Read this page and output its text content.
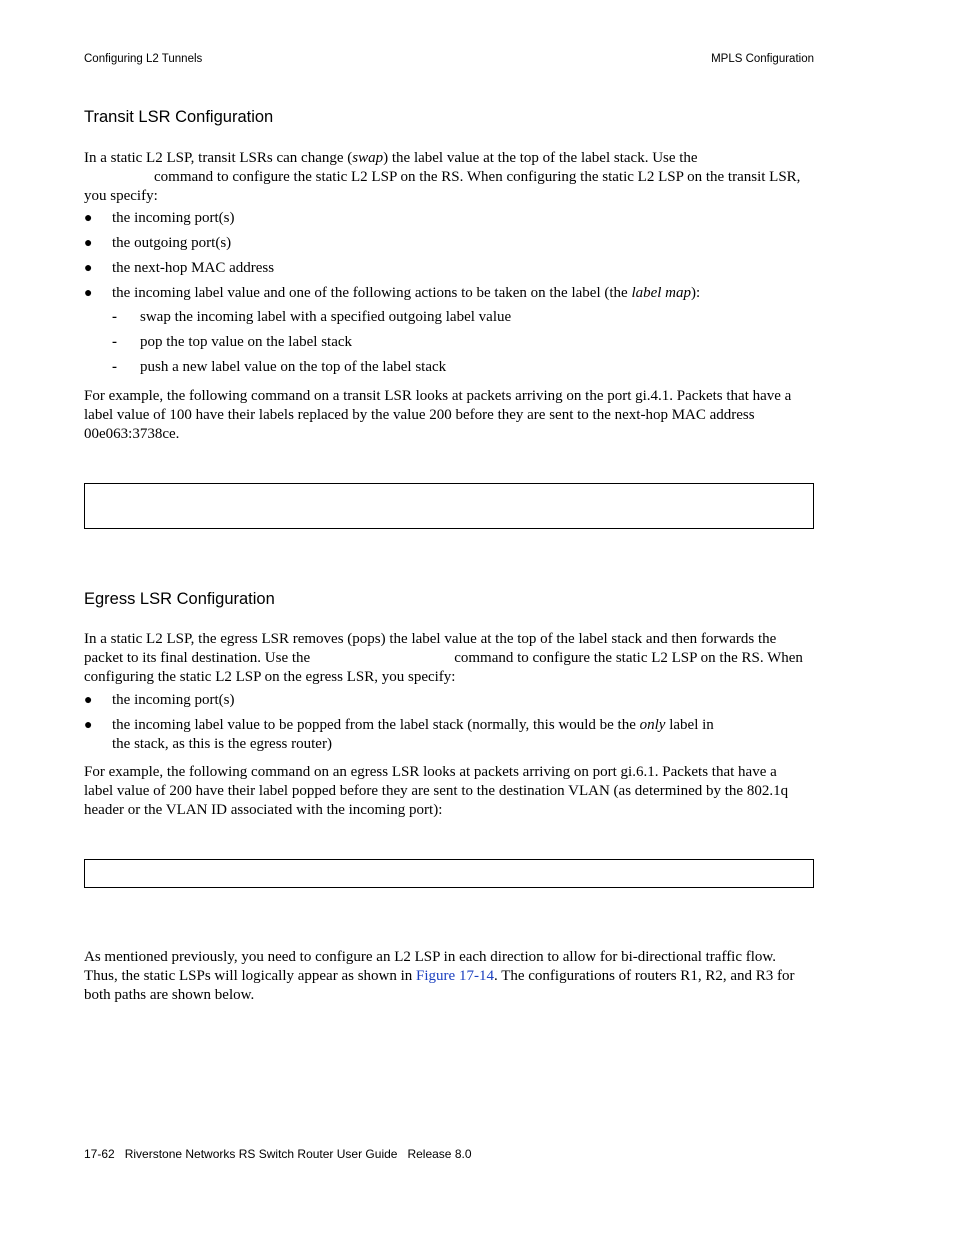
Configuring L2 Tunnels	MPLS Configuration
Transit LSR Configuration
In a static L2 LSP, transit LSRs can change (swap) the label value at the top of the label stack. Use the
command to configure the static L2 LSP on the RS. When configuring the static L2 LSP on the transit LSR,
you specify:
● the incoming port(s)
● the outgoing port(s)
● the next-hop MAC address
● the incoming label value and one of the following actions to be taken on the label (the label map):
- swap the incoming label with a specified outgoing label value
- pop the top value on the label stack
- push a new label value on the top of the label stack
For example, the following command on a transit LSR looks at packets arriving on the port gi.4.1. Packets that have a
label value of 100 have their labels replaced by the value 200 before they are sent to the next-hop MAC address
00e063:3738ce.
Egress LSR Configuration
In a static L2 LSP, the egress LSR removes (pops) the label value at the top of the label stack and then forwards the
packet to its final destination. Use the	command to configure the static L2 LSP on the RS. When
configuring the static L2 LSP on the egress LSR, you specify:
● the incoming port(s)
● the incoming label value to be popped from the label stack (normally, this would be the only label in
the stack, as this is the egress router)
For example, the following command on an egress LSR looks at packets arriving on port gi.6.1. Packets that have a
label value of 200 have their label popped before they are sent to the destination VLAN (as determined by the 802.1q
header or the VLAN ID associated with the incoming port):
As mentioned previously, you need to configure an L2 LSP in each direction to allow for bi-directional traffic flow.
Thus, the static LSPs will logically appear as shown in Figure 17-14. The configurations of routers R1, R2, and R3 for
both paths are shown below.
17-62   Riverstone Networks RS Switch Router User Guide   Release 8.0
